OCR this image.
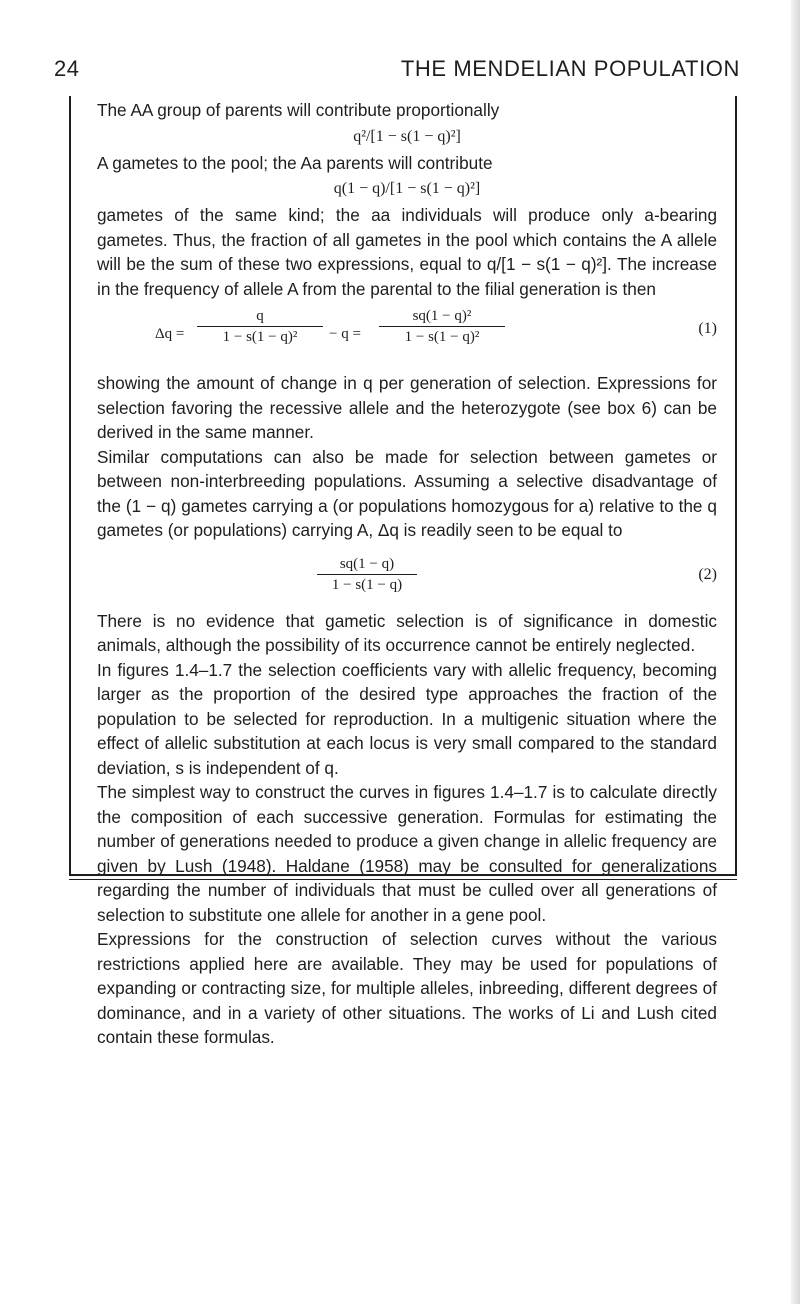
24	THE MENDELIAN POPULATION

The AA group of parents will contribute proportionally

q²/[1 − s(1 − q)²]

A gametes to the pool; the Aa parents will contribute

q(1 − q)/[1 − s(1 − q)²]

gametes of the same kind; the aa individuals will produce only a-bearing gametes. Thus, the fraction of all gametes in the pool which contains the A allele will be the sum of these two expressions, equal to q/[1 − s(1 − q)²]. The increase in the frequency of allele A from the parental to the filial generation is then

$\Delta q = \frac{q}{\text{1 − s(1 − q)²}} - q = \frac{\text{sq(1 − q)²}}{\text{1 − s(1 − q)²}}$	(1)

showing the amount of change in q per generation of selection. Expressions for selection favoring the recessive allele and the heterozygote (see box 6) can be derived in the same manner.

Similar computations can also be made for selection between gametes or between non-interbreeding populations. Assuming a selective disadvantage of the (1 − q) gametes carrying a (or populations homozygous for a) relative to the q gametes (or populations) carrying A, Δq is readily seen to be equal to

$\frac{sq(1 - q)}{1 - s(1 - q)}$	(2)

There is no evidence that gametic selection is of significance in domestic animals, although the possibility of its occurrence cannot be entirely neglected.

In figures 1.4–1.7 the selection coefficients vary with allelic frequency, becoming larger as the proportion of the desired type approaches the fraction of the population to be selected for reproduction. In a multigenic situation where the effect of allelic substitution at each locus is very small compared to the standard deviation, s is independent of q.

The simplest way to construct the curves in figures 1.4–1.7 is to calculate directly the composition of each successive generation. Formulas for estimating the number of generations needed to produce a given change in allelic frequency are given by Lush (1948). Haldane (1958) may be consulted for generalizations regarding the number of individuals that must be culled over all generations of selection to substitute one allele for another in a gene pool.

Expressions for the construction of selection curves without the various restrictions applied here are available. They may be used for populations of expanding or contracting size, for multiple alleles, inbreeding, different degrees of dominance, and in a variety of other situations. The works of Li and Lush cited contain these formulas.
